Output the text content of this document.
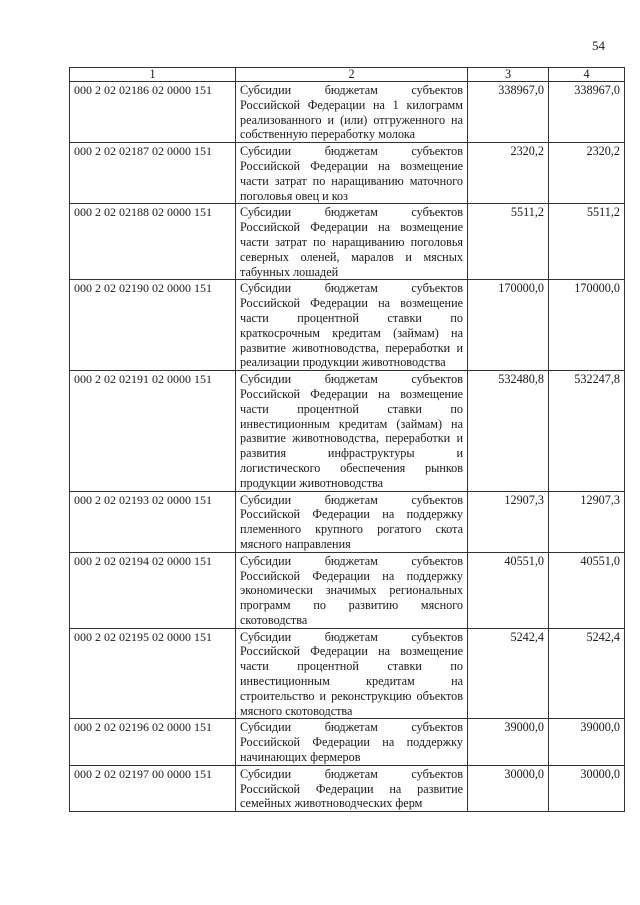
54
1	2	3	4
000 2 02 02186 02 0000 151	Субсидии бюджетам субъектов Российской Федерации на 1 килограмм реализованного и (или) отгруженного на собственную переработку молока	338967,0	338967,0
000 2 02 02187 02 0000 151	Субсидии бюджетам субъектов Российской Федерации на возмещение части затрат по наращиванию маточного поголовья овец и коз	2320,2	2320,2
000 2 02 02188 02 0000 151	Субсидии бюджетам субъектов Российской Федерации на возмещение части затрат по наращиванию поголовья северных оленей, маралов и мясных табунных лошадей	5511,2	5511,2
000 2 02 02190 02 0000 151	Субсидии бюджетам субъектов Российской Федерации на возмещение части процентной ставки по краткосрочным кредитам (займам) на развитие животноводства, переработки и реализации продукции животноводства	170000,0	170000,0
000 2 02 02191 02 0000 151	Субсидии бюджетам субъектов Российской Федерации на возмещение части процентной ставки по инвестиционным кредитам (займам) на развитие животноводства, переработки и развития инфраструктуры и логистического обеспечения рынков продукции животноводства	532480,8	532247,8
000 2 02 02193 02 0000 151	Субсидии бюджетам субъектов Российской Федерации на поддержку племенного крупного рогатого скота мясного направления	12907,3	12907,3
000 2 02 02194 02 0000 151	Субсидии бюджетам субъектов Российской Федерации на поддержку экономически значимых региональных программ по развитию мясного скотоводства	40551,0	40551,0
000 2 02 02195 02 0000 151	Субсидии бюджетам субъектов Российской Федерации на возмещение части процентной ставки по инвестиционным кредитам на строительство и реконструкцию объектов мясного скотоводства	5242,4	5242,4
000 2 02 02196 02 0000 151	Субсидии бюджетам субъектов Российской Федерации на поддержку начинающих фермеров	39000,0	39000,0
000 2 02 02197 00 0000 151	Субсидии бюджетам субъектов Российской Федерации на развитие семейных животноводческих ферм	30000,0	30000,0
